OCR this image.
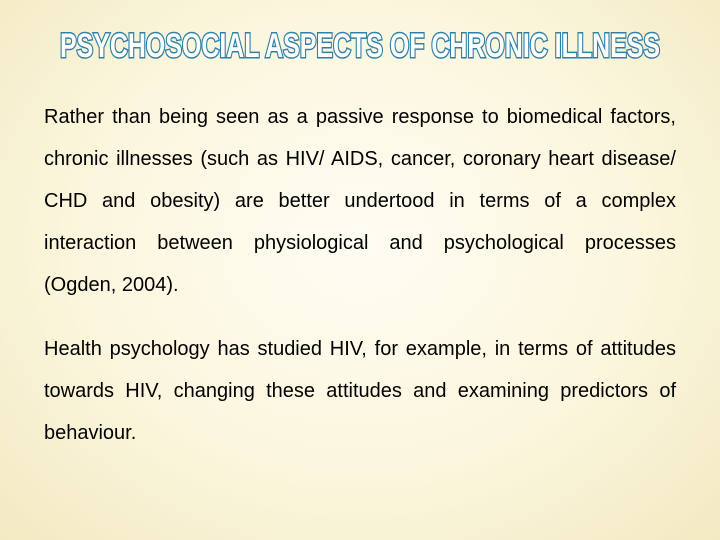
PSYCHOSOCIAL ASPECTS OF CHRONIC ILLNESS

Rather than being seen as a passive response to biomedical factors, chronic illnesses (such as HIV/ AIDS, cancer, coronary heart disease/ CHD and obesity) are better undertood in terms of a complex interaction between physiological and psychological processes (Ogden, 2004).

Health psychology has studied HIV, for example, in terms of attitudes towards HIV, changing these attitudes and examining predictors of behaviour.
